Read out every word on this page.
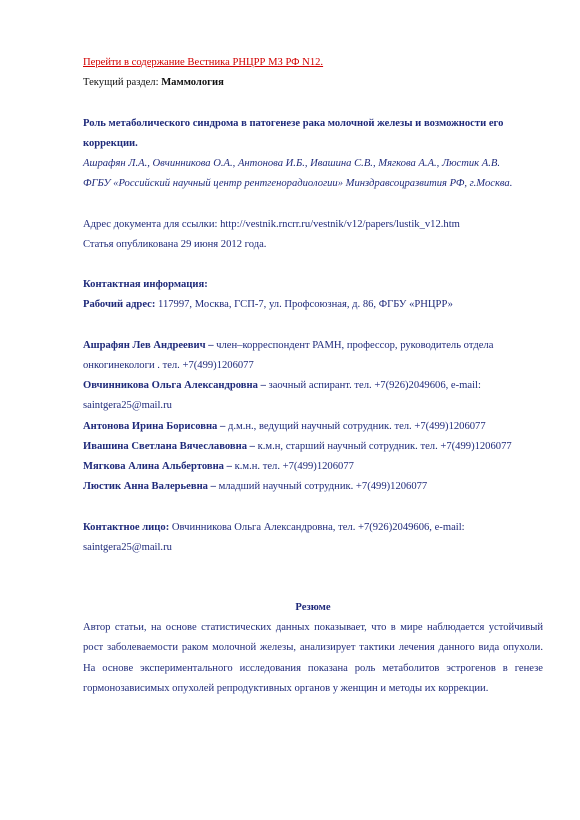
Перейти в содержание Вестника РНЦРР МЗ РФ N12.
Текущий раздел: Маммология
Роль метаболического синдрома в патогенезе рака молочной железы и возможности его коррекции.
Ашрафян Л.А., Овчинникова О.А., Антонова И.Б., Ивашина С.В., Мягкова А.А., Люстик А.В.
ФГБУ «Российский научный центр рентгенорадиологии» Минздравсоцразвития РФ, г.Москва.
Адрес документа для ссылки: http://vestnik.rncrr.ru/vestnik/v12/papers/lustik_v12.htm
Статья опубликована 29 июня 2012 года.
Контактная информация:
Рабочий адрес: 117997, Москва, ГСП-7, ул. Профсоюзная, д. 86, ФГБУ «РНЦРР»
Ашрафян Лев Андреевич – член–корреспондент РАМН, профессор, руководитель отдела онкогинекологи . тел. +7(499)1206077
Овчинникова Ольга Александровна – заочный аспирант. тел. +7(926)2049606, e-mail: saintgera25@mail.ru
Антонова Ирина Борисовна – д.м.н., ведущий научный сотрудник. тел. +7(499)1206077
Ивашина Светлана Вячеславовна – к.м.н, старший научный сотрудник. тел. +7(499)1206077
Мягкова Алина Альбертовна – к.м.н. тел. +7(499)1206077
Люстик Анна Валерьевна – младший научный сотрудник. +7(499)1206077
Контактное лицо: Овчинникова Ольга Александровна, тел. +7(926)2049606, e-mail: saintgera25@mail.ru
Резюме
Автор статьи, на основе статистических данных показывает, что в мире наблюдается устойчивый рост заболеваемости раком молочной железы, анализирует тактики лечения данного вида опухоли. На основе экспериментального исследования показана роль метаболитов эстрогенов в генезе гормонозависимых опухолей репродуктивных органов у женщин и методы их коррекции.
